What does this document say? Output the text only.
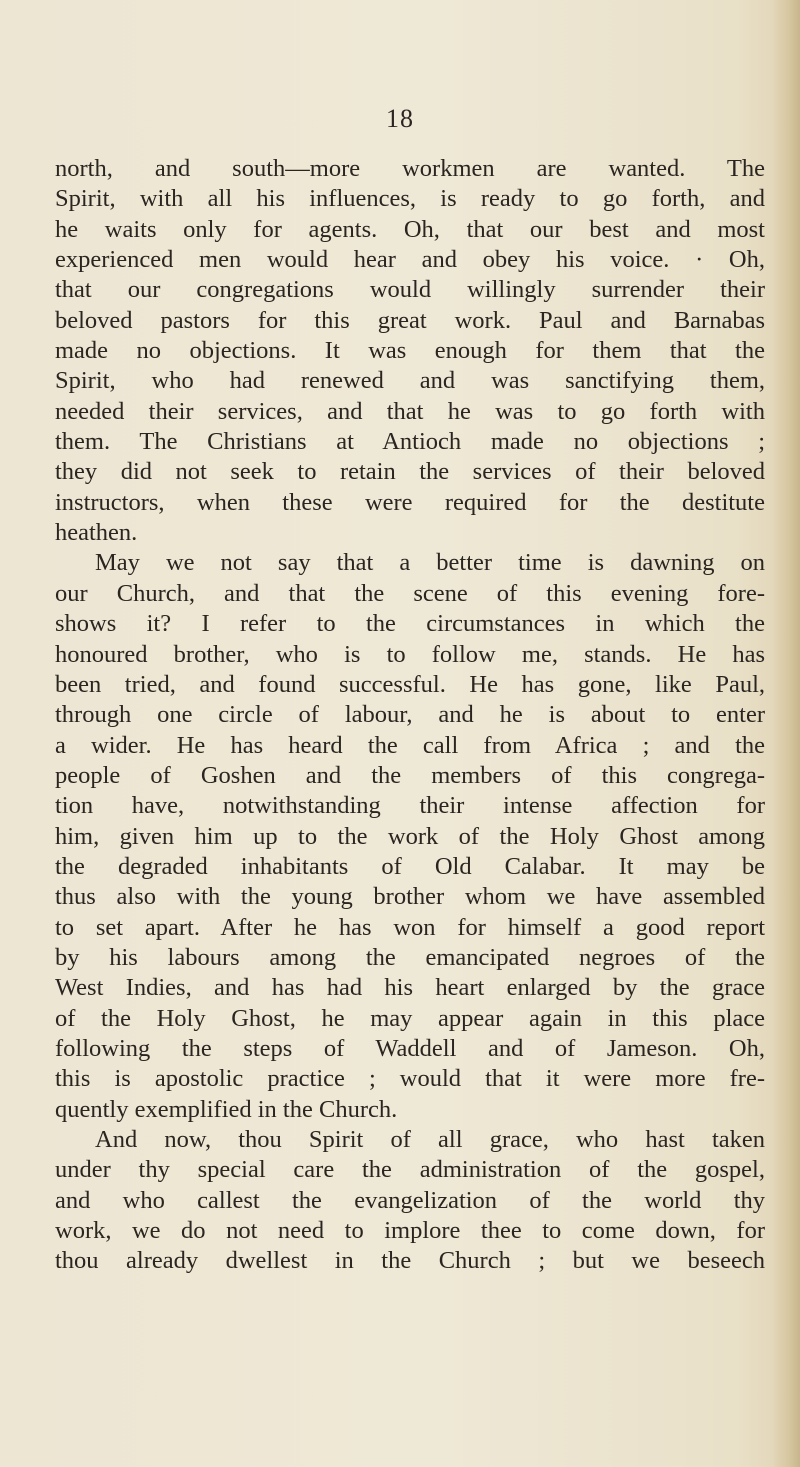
18
north, and south—more workmen are wanted. The
Spirit, with all his influences, is ready to go forth, and
he waits only for agents. Oh, that our best and most
experienced men would hear and obey his voice. · Oh,
that our congregations would willingly surrender their
beloved pastors for this great work. Paul and Barnabas
made no objections. It was enough for them that the
Spirit, who had renewed and was sanctifying them,
needed their services, and that he was to go forth with
them. The Christians at Antioch made no objections ;
they did not seek to retain the services of their beloved
instructors, when these were required for the destitute
heathen.
May we not say that a better time is dawning on
our Church, and that the scene of this evening fore-
shows it? I refer to the circumstances in which the
honoured brother, who is to follow me, stands. He has
been tried, and found successful. He has gone, like Paul,
through one circle of labour, and he is about to enter
a wider. He has heard the call from Africa ; and the
people of Goshen and the members of this congrega-
tion have, notwithstanding their intense affection for
him, given him up to the work of the Holy Ghost among
the degraded inhabitants of Old Calabar. It may be
thus also with the young brother whom we have assembled
to set apart. After he has won for himself a good report
by his labours among the emancipated negroes of the
West Indies, and has had his heart enlarged by the grace
of the Holy Ghost, he may appear again in this place
following the steps of Waddell and of Jameson. Oh,
this is apostolic practice ; would that it were more fre-
quently exemplified in the Church.
And now, thou Spirit of all grace, who hast taken
under thy special care the administration of the gospel,
and who callest the evangelization of the world thy
work, we do not need to implore thee to come down, for
thou already dwellest in the Church ; but we beseech
